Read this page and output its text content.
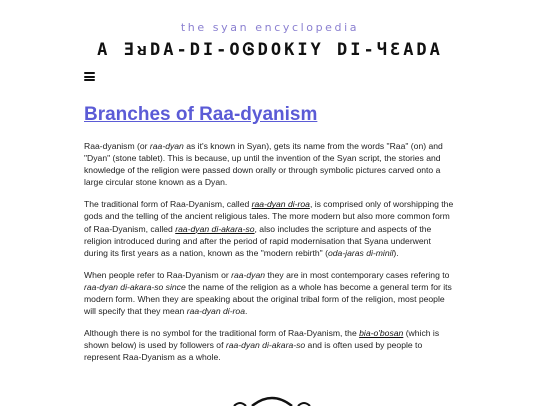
the syan encyclopedia

A ƎᴚDA-DI-OᎶDOKIY DI-ЧƐADA
Branches of Raa-dyanism

Raa-dyanism (or raa-dyan as it's known in Syan), gets its name from the words "Raa" (on) and "Dyan" (stone tablet). This is because, up until the invention of the Syan script, the stories and knowledge of the religion were passed down orally or through symbolic pictures carved onto a large circular stone known as a Dyan.

The traditional form of Raa-Dyanism, called raa-dyan di-roa, is comprised only of worshipping the gods and the telling of the ancient religious tales. The more modern but also more common form of Raa-Dyanism, called raa-dyan di-akara-so, also includes the scripture and aspects of the religion introduced during and after the period of rapid modernisation that Syana underwent during its first years as a nation, known as the "modern rebirth" (oda-jaras di-minil).

When people refer to Raa-Dyanism or raa-dyan they are in most contemporary cases refering to raa-dyan di-akara-so since the name of the religion as a whole has become a general term for its modern form. When they are speaking about the original tribal form of the religion, most people will specify that they mean raa-dyan di-roa.

Although there is no symbol for the traditional form of Raa-Dyanism, the bia-o'bosan (which is shown below) is used by followers of raa-dyan di-akara-so and is often used by people to represent Raa-Dyanism as a whole.
